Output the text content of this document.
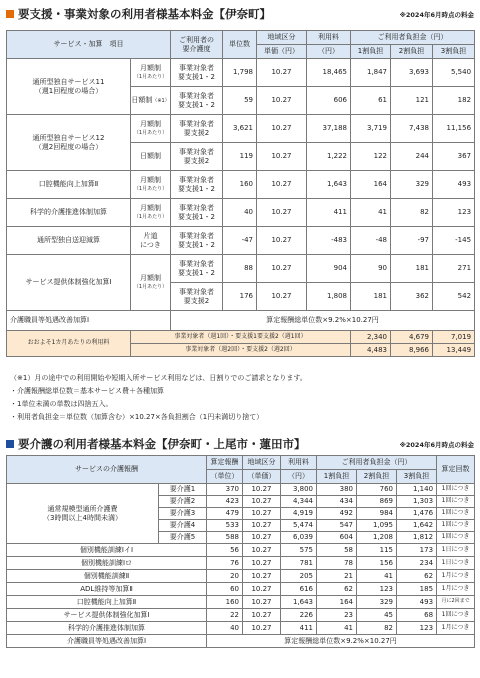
要支援・事業対象の利用者様基本料金【伊奈町】	※2024年6月時点の料金
サービス・加算　項目		ご利用者の
要介護度	単位数	地域区分	利用料	ご利用者負担金（円）		
				単価（円）	（円）	1割負担	2割負担	3割負担
通所型独自サービス11
（週1回程度の場合）	月額制
（1月あたり）	事業対象者
要支援1・2	1,798	10.27	18,465	1,847	3,693	5,540
	日額制（※1）	事業対象者
要支援1・2	59	10.27	606	61	121	182
通所型独自サービス12
（週2回程度の場合）	月額制
（1月あたり）	事業対象者
要支援2	3,621	10.27	37,188	3,719	7,438	11,156
	日額制	事業対象者
要支援2	119	10.27	1,222	122	244	367
口腔機能向上加算Ⅱ	月額制
（1月あたり）	事業対象者
要支援1・2	160	10.27	1,643	164	329	493
科学的介護推進体制加算	月額制
（1月あたり）	事業対象者
要支援1・2	40	10.27	411	41	82	123
通所型独自送迎減算	片道
につき	事業対象者
要支援1・2	-47	10.27	-483	-48	-97	-145
サービス提供体制強化加算Ⅰ	月額制
（1月あたり）	事業対象者
要支援1・2	88	10.27	904	90	181	271
		事業対象者
要支援2	176	10.27	1,808	181	362	542
介護職員等処遇改善加算Ⅰ		算定報酬総単位数×9.2%×10.27円						
おおよそ1カ月あたりの利用料	事業対象者（週1回）・要支援1要支援2（週1回）					2,340	4,679	7,019
	事業対象者（週2回）・要支援2（週2回）					4,483	8,966	13,449
（※1）月の途中での利用開始や短期入所サービス利用などは、日割りでのご請求となります。
・介護報酬総単位数＝基本サービス費＋各種加算
・1単位未満の単数は四捨五入。
・利用者負担金＝単位数（加算含む）×10.27×各負担割合（1円未満切り捨て）
要介護の利用者様基本料金【伊奈町・上尾市・蓮田市】	※2024年6月時点の料金
サービスの介護報酬		算定報酬	地域区分	利用料	ご利用者負担金（円）			算定回数
		（単位）	（単価）	（円）	1割負担	2割負担	3割負担	
通常規模型通所介護費
（3時間以上4時間未満）	要介護1	370	10.27	3,800	380	760	1,140	1回につき
	要介護2	423	10.27	4,344	434	869	1,303	1回につき
	要介護3	479	10.27	4,919	492	984	1,476	1回につき
	要介護4	533	10.27	5,474	547	1,095	1,642	1回につき
	要介護5	588	10.27	6,039	604	1,208	1,812	1回につき
個別機能訓練ⅠイI		56	10.27	575	58	115	173	1日につき
個別機能訓練Ⅰロ		76	10.27	781	78	156	234	1日につき
個別機能訓練Ⅱ		20	10.27	205	21	41	62	1月につき
ADL維持等加算Ⅱ		60	10.27	616	62	123	185	1月につき
口腔機能向上加算Ⅱ		160	10.27	1,643	164	329	493	月に2回まで
サービス提供体制強化加算Ⅰ		22	10.27	226	23	45	68	1回につき
科学的介護推進体制加算		40	10.27	411	41	82	123	1月につき
介護職員等処遇改善加算Ⅰ		算定報酬総単位数×9.2%×10.27円						
